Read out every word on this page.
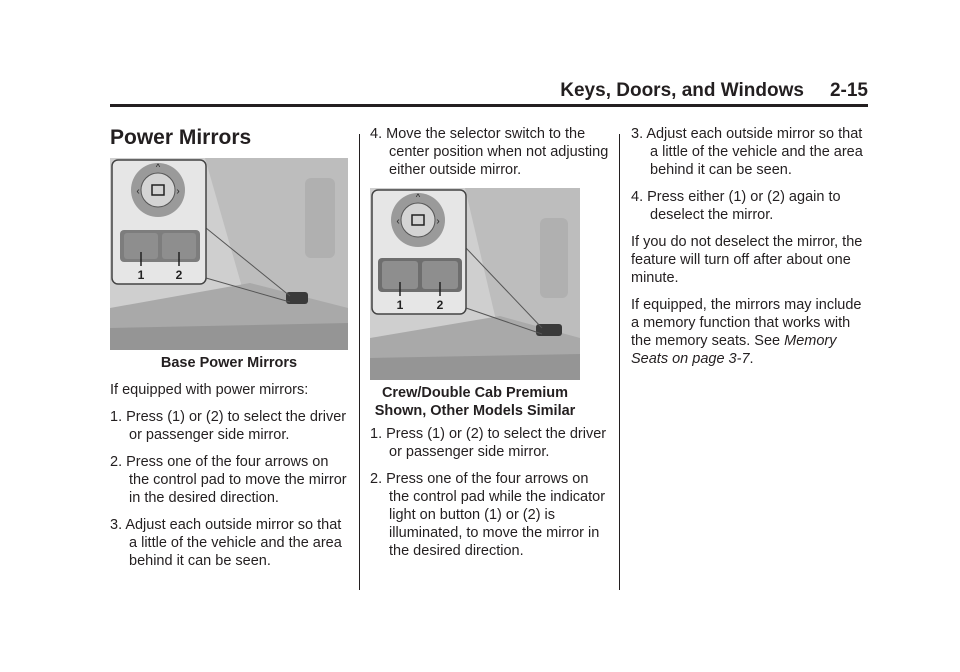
Keys, Doors, and Windows 2-15
Power Mirrors
^
‹	›
1	2

Base Power Mirrors

If equipped with power mirrors:

1. Press (1) or (2) to select the driver or passenger side mirror.

2. Press one of the four arrows on the control pad to move the mirror in the desired direction.

3. Adjust each outside mirror so that a little of the vehicle and the area behind it can be seen.

4. Move the selector switch to the center position when not adjusting either outside mirror.

^
‹	›
1	2

Crew/Double Cab Premium

Shown, Other Models Similar

1. Press (1) or (2) to select the driver or passenger side mirror.

2. Press one of the four arrows on the control pad while the indicator light on button (1) or (2) is illuminated, to move the mirror in the desired direction.

3. Adjust each outside mirror so that a little of the vehicle and the area behind it can be seen.

4. Press either (1) or (2) again to deselect the mirror.

If you do not deselect the mirror, the feature will turn off after about one minute.

If equipped, the mirrors may include a memory function that works with the memory seats. See Memory Seats on page 3-7.
